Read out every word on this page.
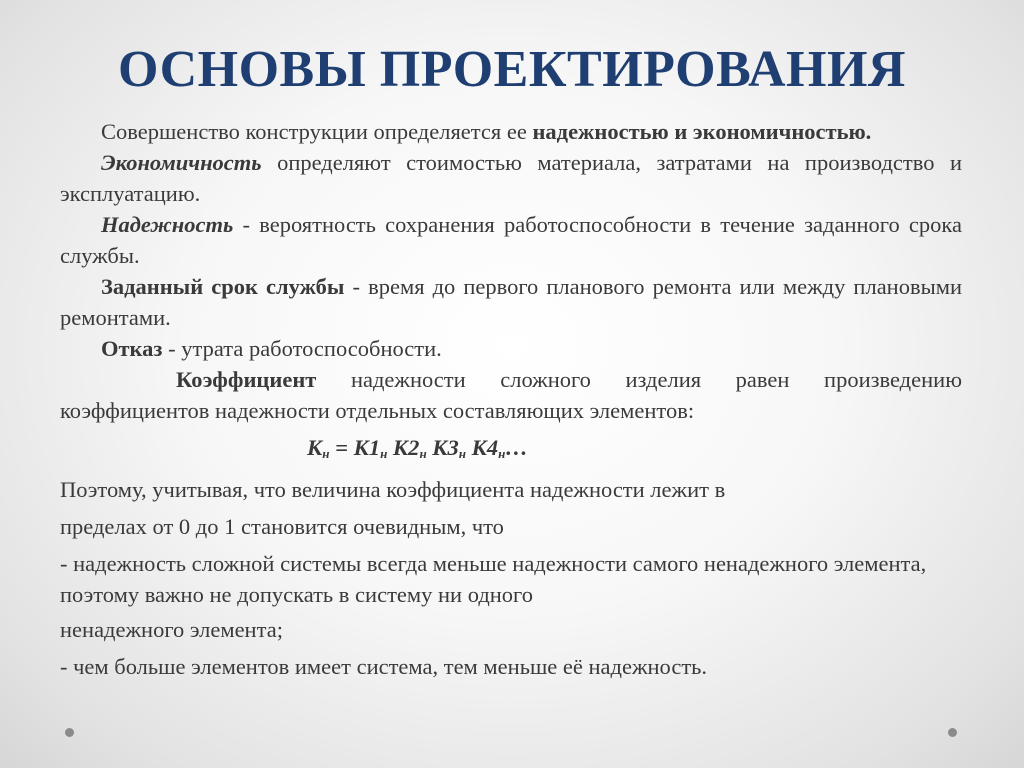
ОСНОВЫ ПРОЕКТИРОВАНИЯ

Совершенство конструкции определяется ее надежностью и экономичностью.

Экономичность определяют стоимостью материала, затратами на производство и эксплуатацию.

Надежность - вероятность сохранения работоспособности в течение заданного срока службы.

Заданный срок службы - время до первого планового ремонта или между плановыми ремонтами.

Отказ - утрата работоспособности.

Коэффициент надежности сложного изделия равен произведению коэффициентов надежности отдельных составляющих элементов:

$К_н = К1_н$ $К2_н$ $К3_н$ $К4_н\dots$

Поэтому, учитывая, что величина коэффициента надежности лежит в

пределах от 0 до 1 становится очевидным, что

- надежность сложной системы всегда меньше надежности самого ненадежного элемента, поэтому важно не допускать в систему ни одного

ненадежного элемента;

- чем больше элементов имеет система, тем меньше её надежность.
